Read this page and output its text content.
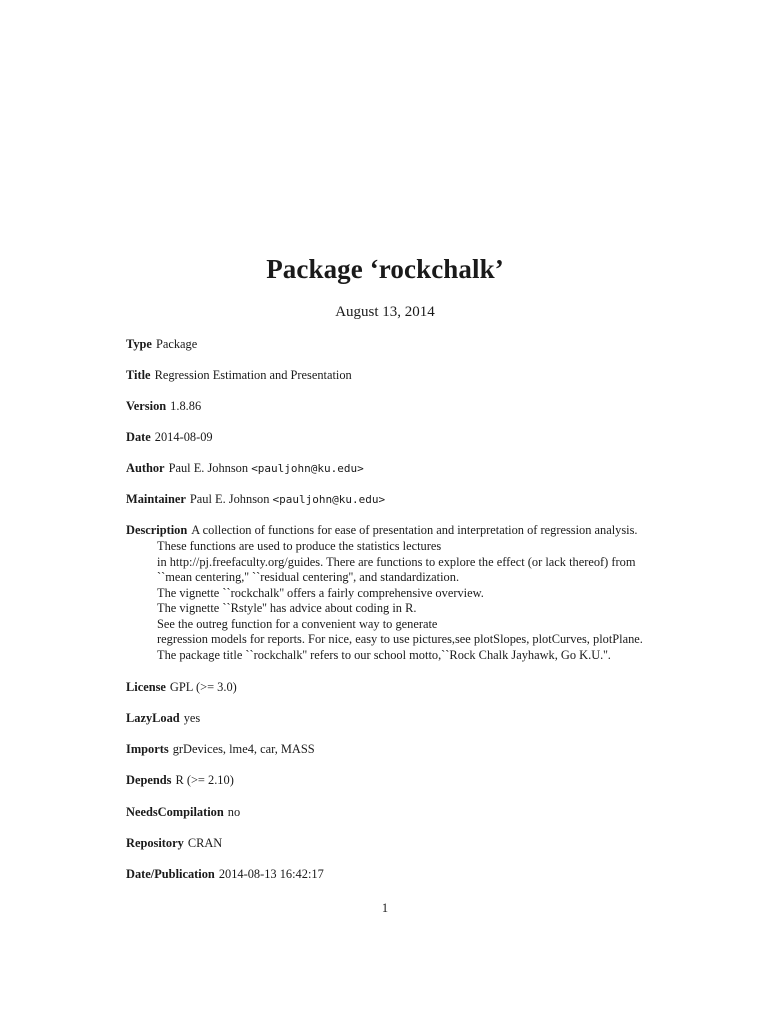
Package ‘rockchalk’
August 13, 2014
Type Package
Title Regression Estimation and Presentation
Version 1.8.86
Date 2014-08-09
Author Paul E. Johnson <pauljohn@ku.edu>
Maintainer Paul E. Johnson <pauljohn@ku.edu>
Description A collection of functions for ease of presentation and interpretation of regression analysis.
These functions are used to produce the statistics lectures
in http://pj.freefaculty.org/guides. There are functions to explore the effect (or lack thereof) from
``mean centering,'' ``residual centering'', and standardization.
The vignette ``rockchalk'' offers a fairly comprehensive overview.
The vignette ``Rstyle'' has advice about coding in R.
See the outreg function for a convenient way to generate
regression models for reports. For nice, easy to use pictures,see plotSlopes, plotCurves, plotPlane.
The package title ``rockchalk'' refers to our school motto,``Rock Chalk Jayhawk, Go K.U.''.
License GPL (>= 3.0)
LazyLoad yes
Imports grDevices, lme4, car, MASS
Depends R (>= 2.10)
NeedsCompilation no
Repository CRAN
Date/Publication 2014-08-13 16:42:17
1
